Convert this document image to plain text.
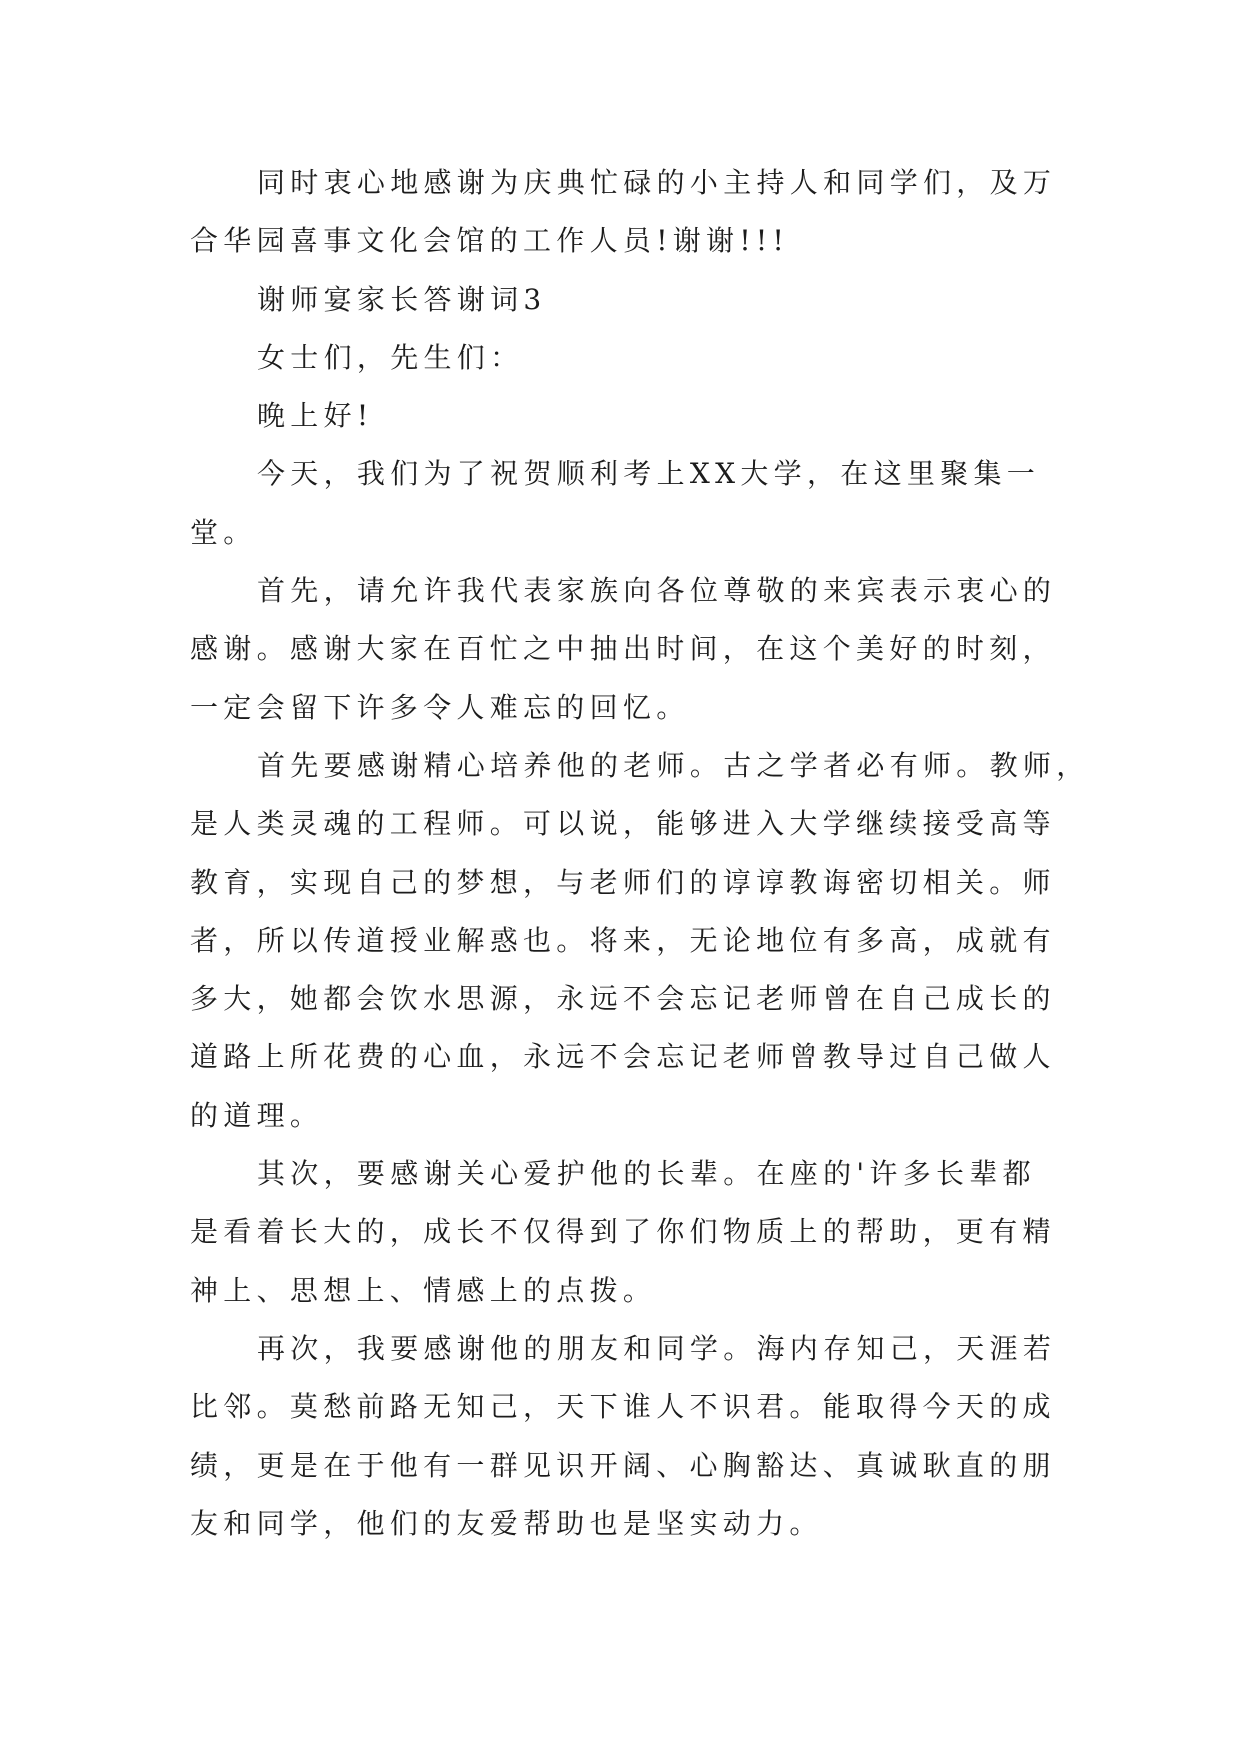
同时衷心地感谢为庆典忙碌的小主持人和同学们，及万
合华园喜事文化会馆的工作人员!谢谢!!!
谢师宴家长答谢词3
女士们，先生们：
晚上好!
今天，我们为了祝贺顺利考上XX大学，在这里聚集一
堂。
首先，请允许我代表家族向各位尊敬的来宾表示衷心的
感谢。感谢大家在百忙之中抽出时间，在这个美好的时刻，
一定会留下许多令人难忘的回忆。
首先要感谢精心培养他的老师。古之学者必有师。教师，
是人类灵魂的工程师。可以说，能够进入大学继续接受高等
教育，实现自己的梦想，与老师们的谆谆教诲密切相关。师
者，所以传道授业解惑也。将来，无论地位有多高，成就有
多大，她都会饮水思源，永远不会忘记老师曾在自己成长的
道路上所花费的心血，永远不会忘记老师曾教导过自己做人
的道理。
其次，要感谢关心爱护他的长辈。在座的'许多长辈都
是看着长大的，成长不仅得到了你们物质上的帮助，更有精
神上、思想上、情感上的点拨。
再次，我要感谢他的朋友和同学。海内存知己，天涯若
比邻。莫愁前路无知己，天下谁人不识君。能取得今天的成
绩，更是在于他有一群见识开阔、心胸豁达、真诚耿直的朋
友和同学，他们的友爱帮助也是坚实动力。
